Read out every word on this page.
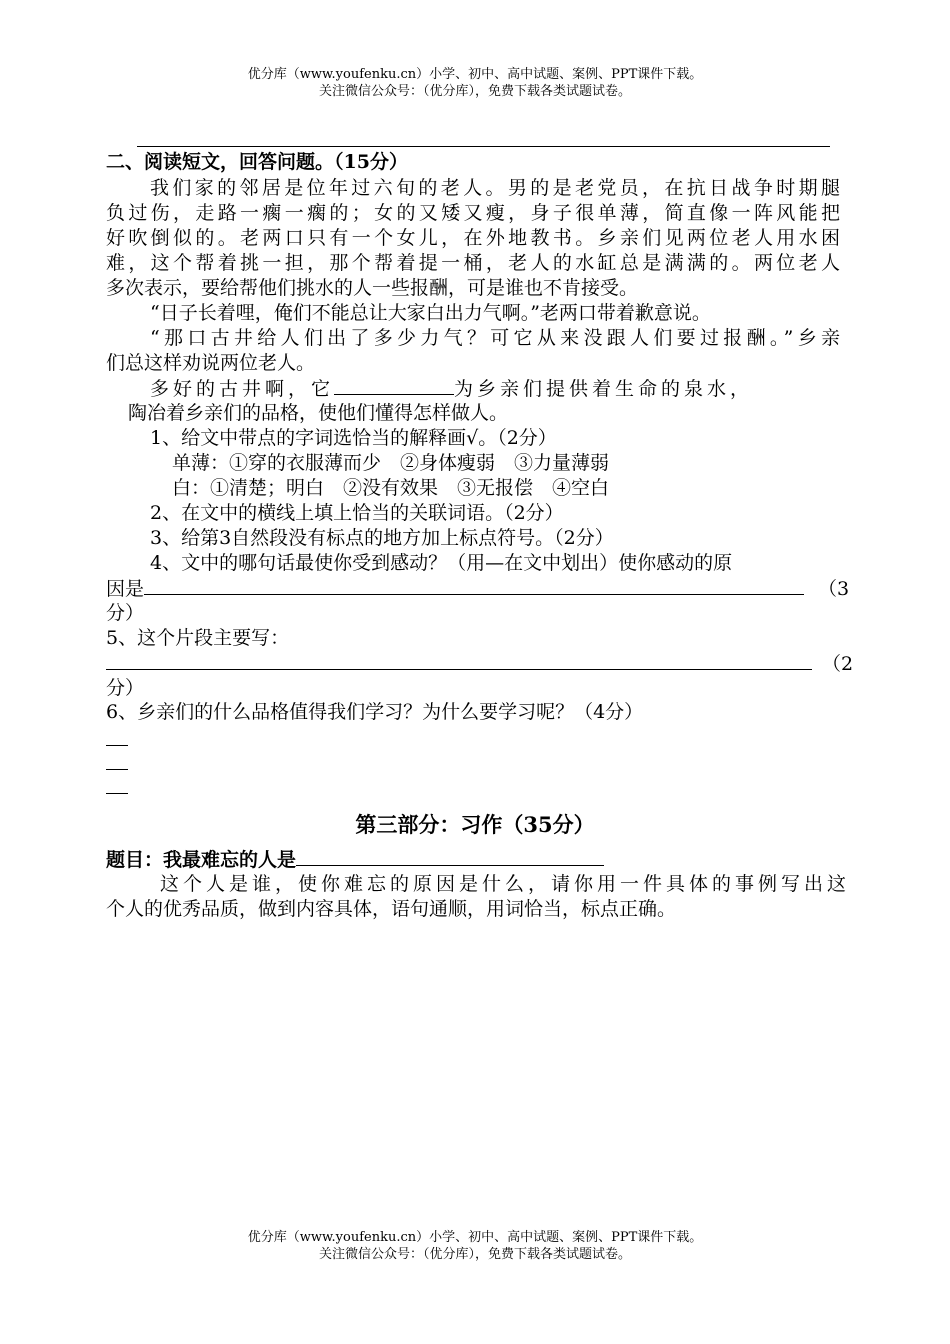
优分库（www.youfenku.cn）小学、初中、高中试题、案例、PPT课件下载。
关注微信公众号：（优分库），免费下载各类试题试卷。
二、阅读短文，回答问题。（15分）
我们家的邻居是位年过六旬的老人。男的是老党员，在抗日战争时期腿
负过伤，走路一瘸一瘸的；女的又矮又瘦，身子很单薄，简直像一阵风能把
好吹倒似的。老两口只有一个女儿，在外地教书。乡亲们见两位老人用水困
难，这个帮着挑一担，那个帮着提一桶，老人的水缸总是满满的。两位老人
多次表示，要给帮他们挑水的人一些报酬，可是谁也不肯接受。
“日子长着哩，俺们不能总让大家白出力气啊。”老两口带着歉意说。
“那口古井给人们出了多少力气？可它从来没跟人们要过报酬。”乡亲
们总这样劝说两位老人。
多好的古井啊，它	为乡亲们提供着生命的泉水，
陶冶着乡亲们的品格，使他们懂得怎样做人。
1、给文中带点的字词选恰当的解释画√。（2分）
单薄：①穿的衣服薄而少　②身体瘦弱　③力量薄弱
白：①清楚；明白　②没有效果　③无报偿　④空白
2、在文中的横线上填上恰当的关联词语。（2分）
3、给第3自然段没有标点的地方加上标点符号。（2分）
4、文中的哪句话最使你受到感动？（用—在文中划出）使你感动的原
因是	（3
分）
5、这个片段主要写：
（2
分）
6、乡亲们的什么品格值得我们学习？为什么要学习呢？（4分）
第三部分：习作（35分）
题目：我最难忘的人是
这个人是谁，使你难忘的原因是什么，请你用一件具体的事例写出这
个人的优秀品质，做到内容具体，语句通顺，用词恰当，标点正确。
优分库（www.youfenku.cn）小学、初中、高中试题、案例、PPT课件下载。
关注微信公众号：（优分库），免费下载各类试题试卷。
